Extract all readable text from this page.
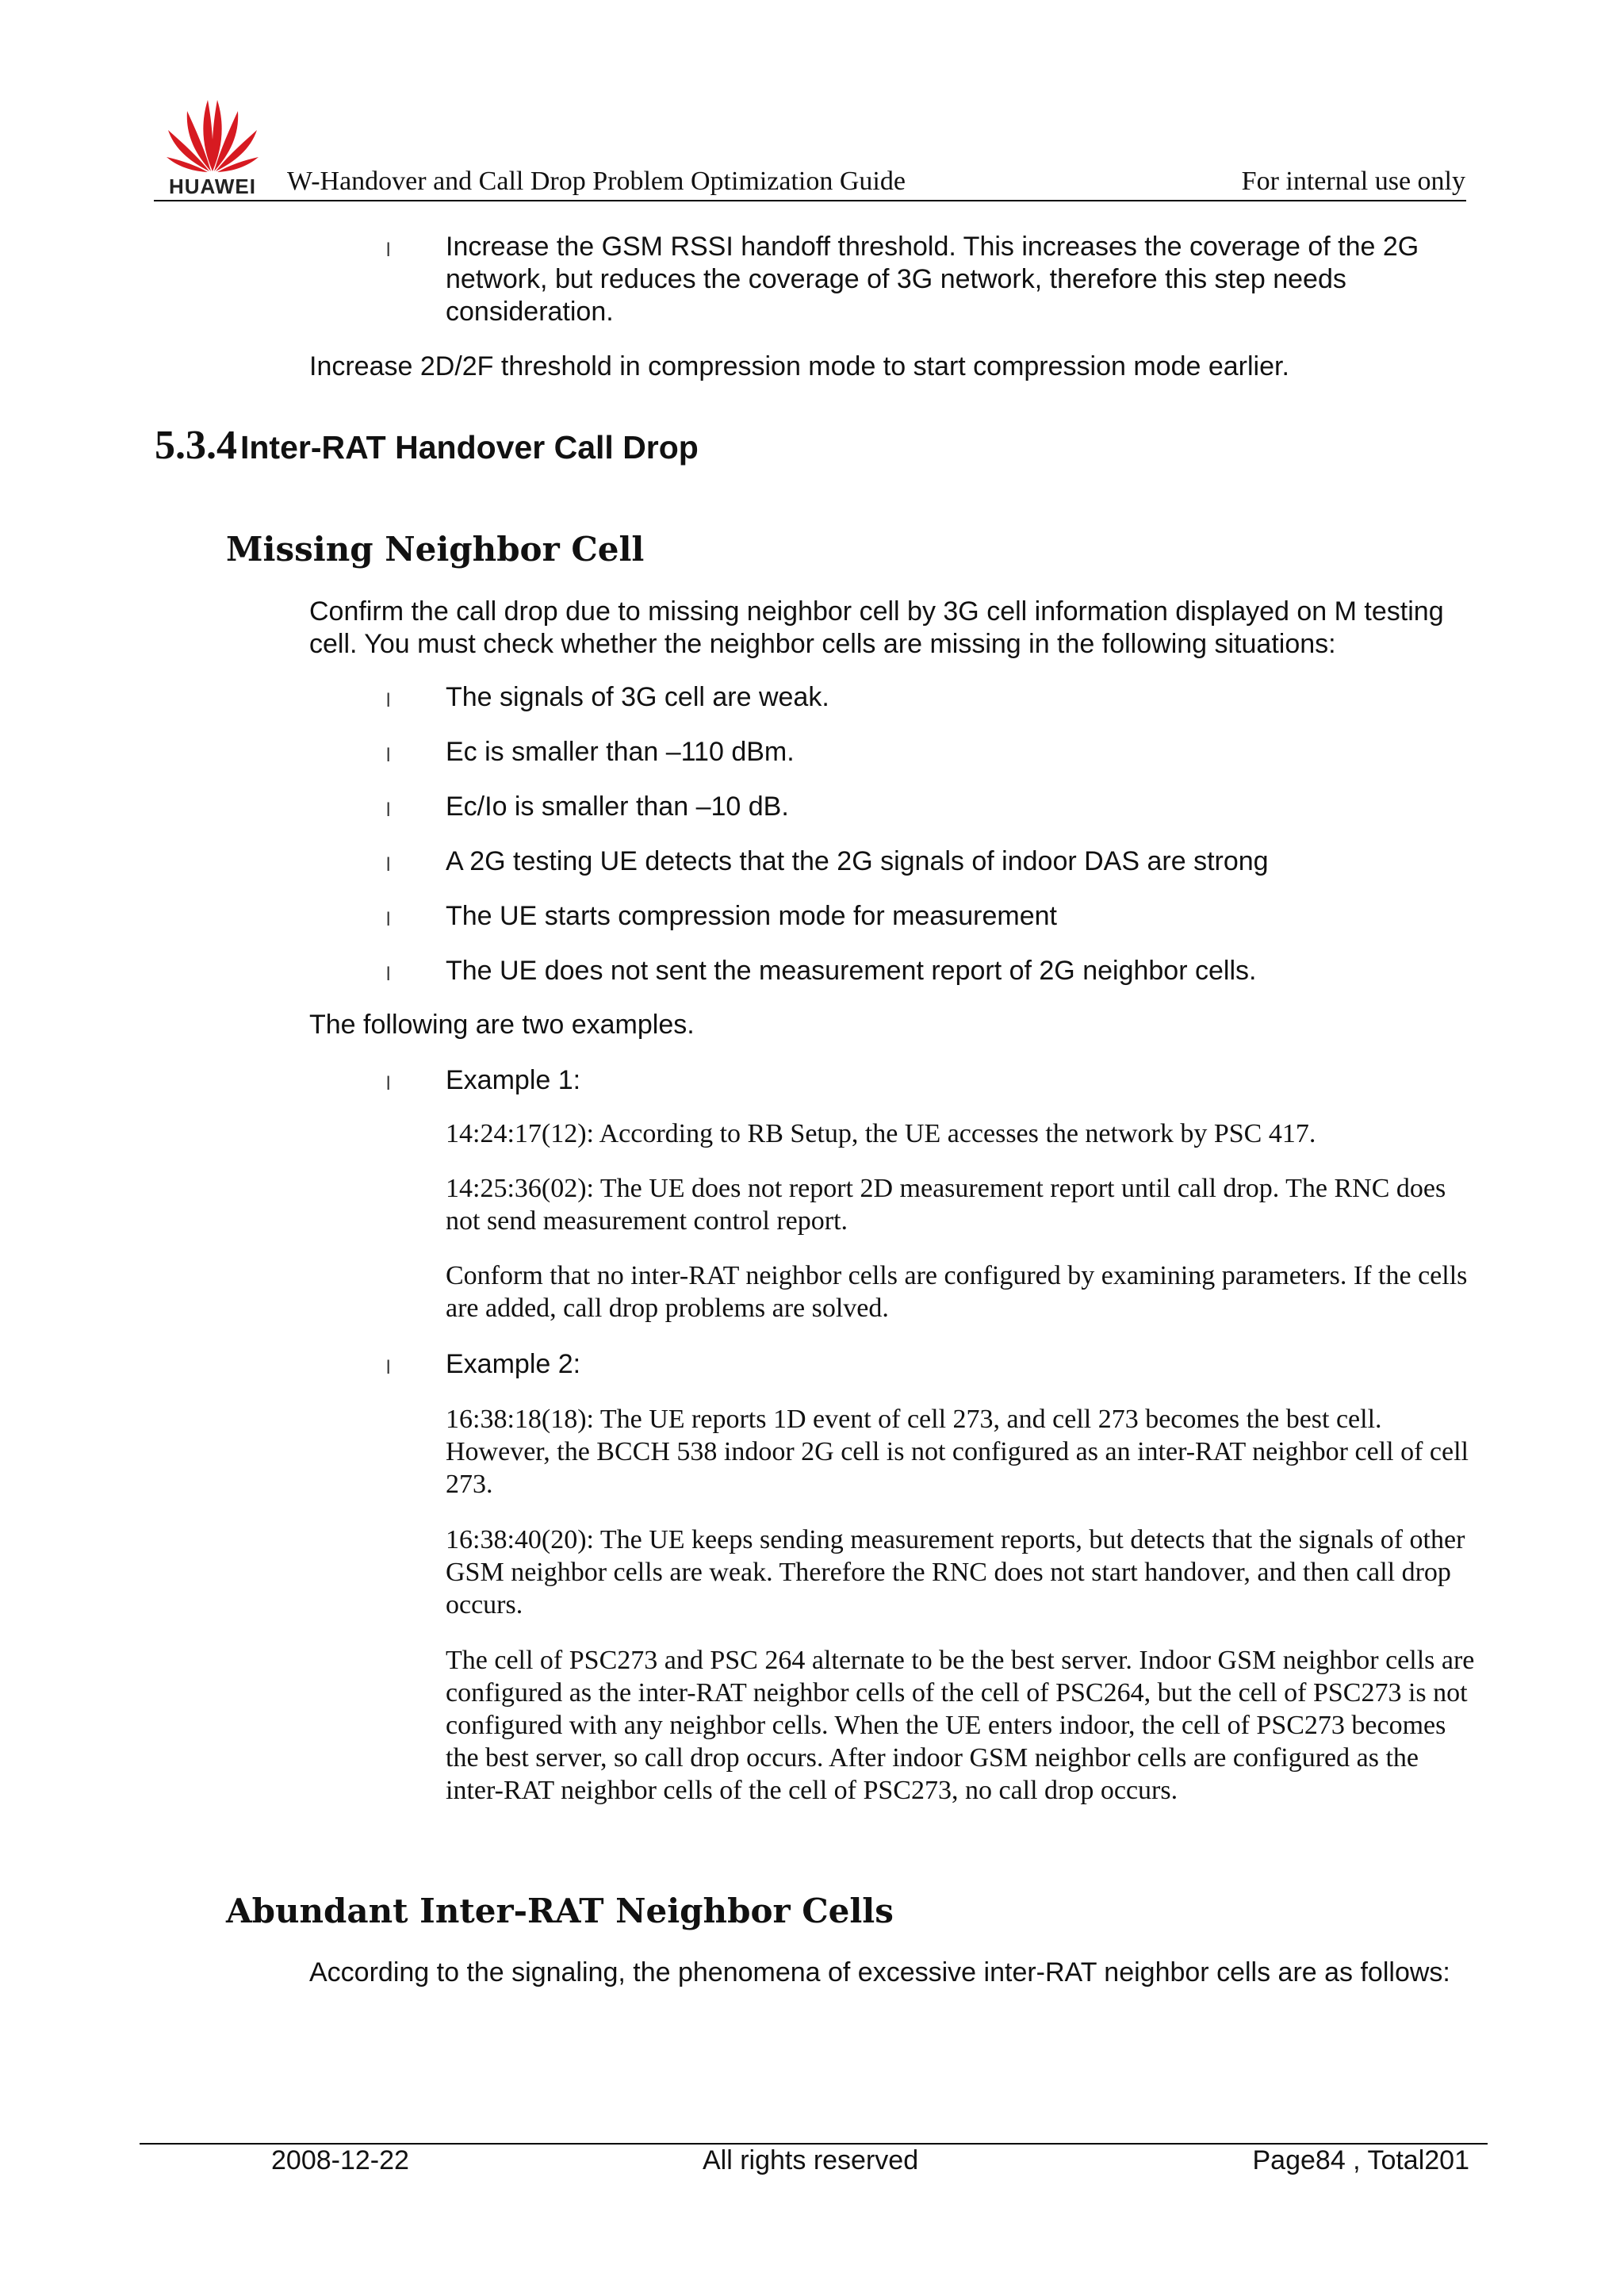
HUAWEI	W-Handover and Call Drop Problem Optimization Guide	For internal use only
l Increase the GSM RSSI handoff threshold. This increases the coverage of the 2G network, but reduces the coverage of 3G network, therefore this step needs consideration.
Increase 2D/2F threshold in compression mode to start compression mode earlier.
5.3.4 Inter-RAT Handover Call Drop
Missing Neighbor Cell
Confirm the call drop due to missing neighbor cell by 3G cell information displayed on M testing cell. You must check whether the neighbor cells are missing in the following situations:
l The signals of 3G cell are weak.
l Ec is smaller than –110 dBm.
l Ec/Io is smaller than –10 dB.
l A 2G testing UE detects that the 2G signals of indoor DAS are strong
l The UE starts compression mode for measurement
l The UE does not sent the measurement report of 2G neighbor cells.
The following are two examples.
l Example 1:
14:24:17(12): According to RB Setup, the UE accesses the network by PSC 417.
14:25:36(02): The UE does not report 2D measurement report until call drop. The RNC does not send measurement control report.
Conform that no inter-RAT neighbor cells are configured by examining parameters. If the cells are added, call drop problems are solved.
l Example 2:
16:38:18(18): The UE reports 1D event of cell 273, and cell 273 becomes the best cell. However, the BCCH 538 indoor 2G cell is not configured as an inter-RAT neighbor cell of cell 273.
16:38:40(20): The UE keeps sending measurement reports, but detects that the signals of other GSM neighbor cells are weak. Therefore the RNC does not start handover, and then call drop occurs.
The cell of PSC273 and PSC 264 alternate to be the best server. Indoor GSM neighbor cells are configured as the inter-RAT neighbor cells of the cell of PSC264, but the cell of PSC273 is not configured with any neighbor cells. When the UE enters indoor, the cell of PSC273 becomes the best server, so call drop occurs. After indoor GSM neighbor cells are configured as the inter-RAT neighbor cells of the cell of PSC273, no call drop occurs.
Abundant Inter-RAT Neighbor Cells
According to the signaling, the phenomena of excessive inter-RAT neighbor cells are as follows:
2008-12-22	All rights reserved	Page84 , Total201
